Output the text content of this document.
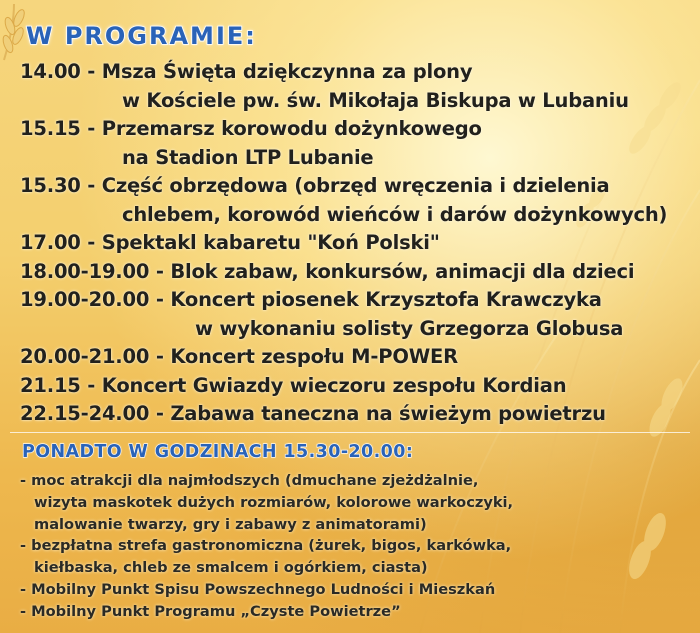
W PROGRAMIE:
14.00 - Msza Święta dziękczynna za plony
w Kościele pw. św. Mikołaja Biskupa w Lubaniu
15.15 - Przemarsz korowodu dożynkowego
na Stadion LTP Lubanie
15.30 - Część obrzędowa (obrzęd wręczenia i dzielenia
chlebem, korowód wieńców i darów dożynkowych)
17.00 - Spektakl kabaretu "Koń Polski"
18.00-19.00 - Blok zabaw, konkursów, animacji dla dzieci
19.00-20.00 - Koncert piosenek Krzysztofa Krawczyka
w wykonaniu solisty Grzegorza Globusa
20.00-21.00 - Koncert zespołu M-POWER
21.15 - Koncert Gwiazdy wieczoru zespołu Kordian
22.15-24.00 - Zabawa taneczna na świeżym powietrzu
PONADTO W GODZINACH 15.30-20.00:
- moc atrakcji dla najmłodszych (dmuchane zjeżdżalnie,
wizyta maskotek dużych rozmiarów, kolorowe warkoczyki,
malowanie twarzy, gry i zabawy z animatorami)
- bezpłatna strefa gastronomiczna (żurek, bigos, karkówka,
kiełbaska, chleb ze smalcem i ogórkiem, ciasta)
- Mobilny Punkt Spisu Powszechnego Ludności i Mieszkań
- Mobilny Punkt Programu „Czyste Powietrze”
